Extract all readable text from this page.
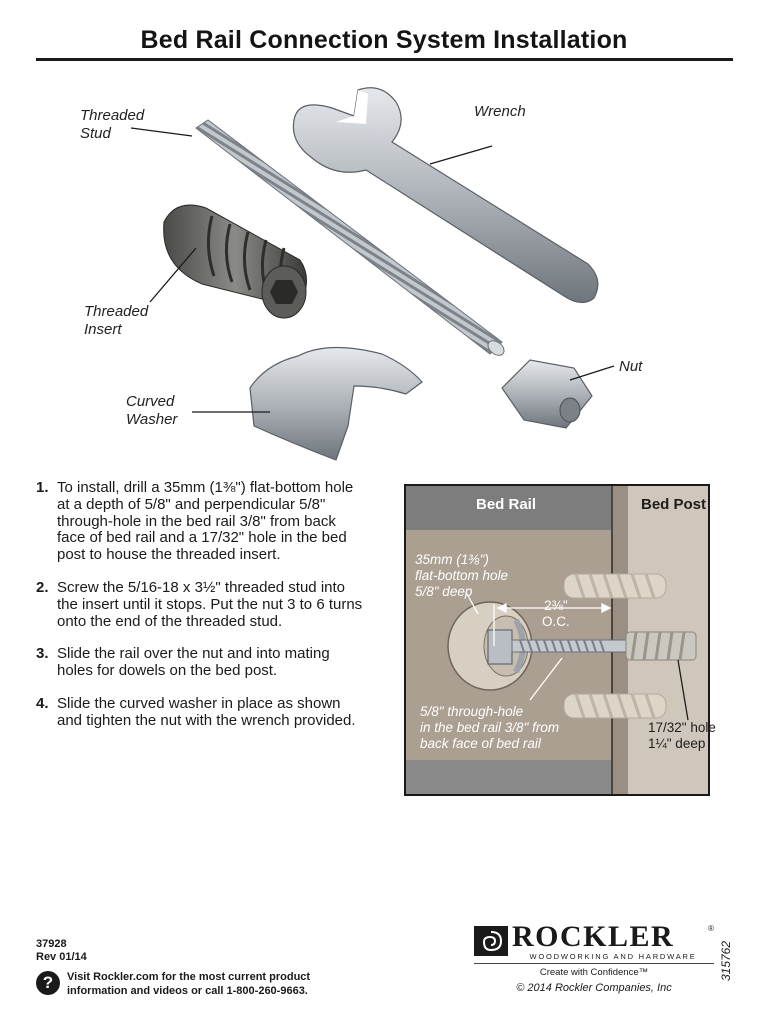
Bed Rail Connection System Installation
Threaded
Stud
Wrench
Threaded
Insert
Nut
Curved
Washer
1. To install, drill a 35mm (1⅜") flat-bottom hole at a depth of 5/8" and perpendicular 5/8" through-hole in the bed rail 3/8" from back face of bed rail and a 17/32" hole in the bed post to house the threaded insert.
2. Screw the 5/16-18 x 3½" threaded stud into the insert until it stops. Put the nut 3 to 6 turns onto the end of the threaded stud.
3. Slide the rail over the nut and into mating holes for dowels on the bed post.
4. Slide the curved washer in place as shown and tighten the nut with the wrench provided.
Bed Rail	Bed Post
35mm (1⅜")
flat-bottom hole
5/8" deep
2⅜"
O.C.
5/8" through-hole
in the bed rail 3/8" from
back face of bed rail
17/32" hole
1¼" deep
37928
Rev 01/14
?	Visit Rockler.com for the most current product information and videos or call 1-800-260-9663.
ROCKLER	®
WOODWORKING AND HARDWARE
Create with Confidence™
© 2014 Rockler Companies, Inc
315762
